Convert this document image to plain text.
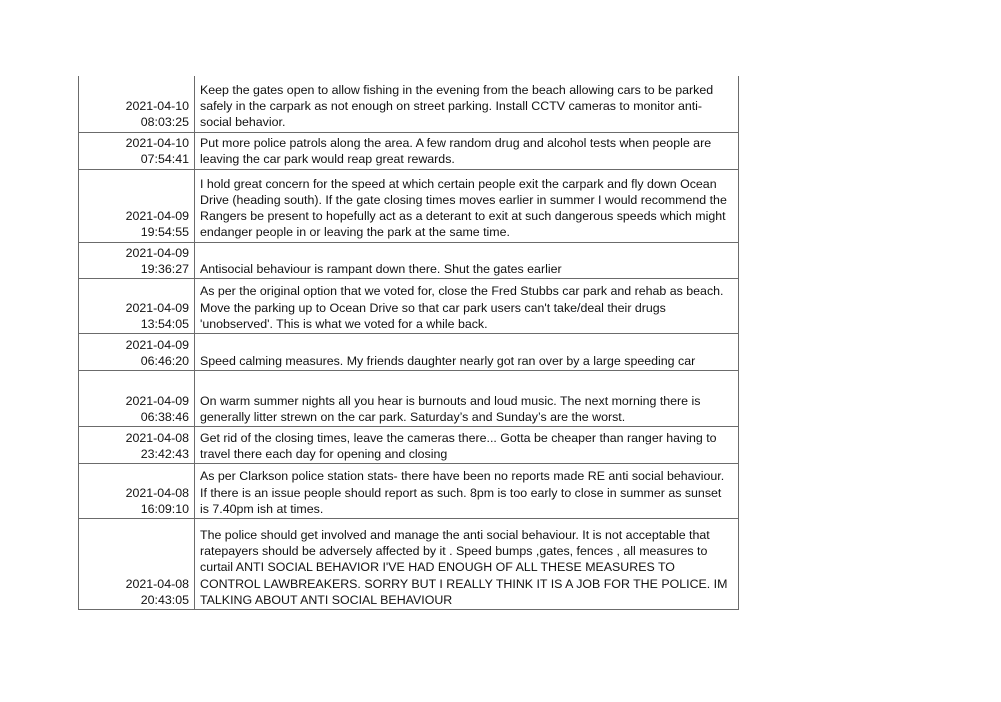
2021-04-10
08:03:25	Keep the gates open to allow fishing in the evening from the beach allowing cars to be parked safely in the carpark as not enough on street parking. Install CCTV cameras to monitor anti-social behavior.

2021-04-10
07:54:41	Put more police patrols along the area. A few random drug and alcohol tests when people are leaving the car park would reap great rewards.

2021-04-09
19:54:55	I hold great concern for the speed at which certain people exit the carpark and fly down Ocean Drive (heading south). If the gate closing times moves earlier in summer I would recommend the Rangers be present to hopefully act as a deterant to exit at such dangerous speeds which might endanger people in or leaving the park at the same time.

2021-04-09
19:36:27	Antisocial behaviour is rampant down there. Shut the gates earlier

2021-04-09
13:54:05	As per the original option that we voted for, close the Fred Stubbs car park and rehab as beach. Move the parking up to Ocean Drive so that car park users can't take/deal their drugs 'unobserved'. This is what we voted for a while back.

2021-04-09
06:46:20	Speed calming measures. My friends daughter nearly got ran over by a large speeding car

2021-04-09
06:38:46	On warm summer nights all you hear is burnouts and loud music. The next morning there is generally litter strewn on the car park. Saturday’s and Sunday’s are the worst.

2021-04-08
23:42:43	Get rid of the closing times, leave the cameras there... Gotta be cheaper than ranger having to travel there each day for opening and closing

2021-04-08
16:09:10	As per Clarkson police station stats- there have been no reports made RE anti social behaviour. If there is an issue people should report as such. 8pm is too early to close in summer as sunset is 7.40pm ish at times.

2021-04-08
20:43:05	The police should get involved and manage the anti social behaviour. It is not acceptable that ratepayers should be adversely affected by it . Speed bumps ,gates, fences , all measures to curtail ANTI SOCIAL BEHAVIOR I'VE HAD ENOUGH OF ALL THESE MEASURES TO CONTROL LAWBREAKERS. SORRY BUT I REALLY THINK IT IS A JOB FOR THE POLICE. IM TALKING ABOUT ANTI SOCIAL BEHAVIOUR
